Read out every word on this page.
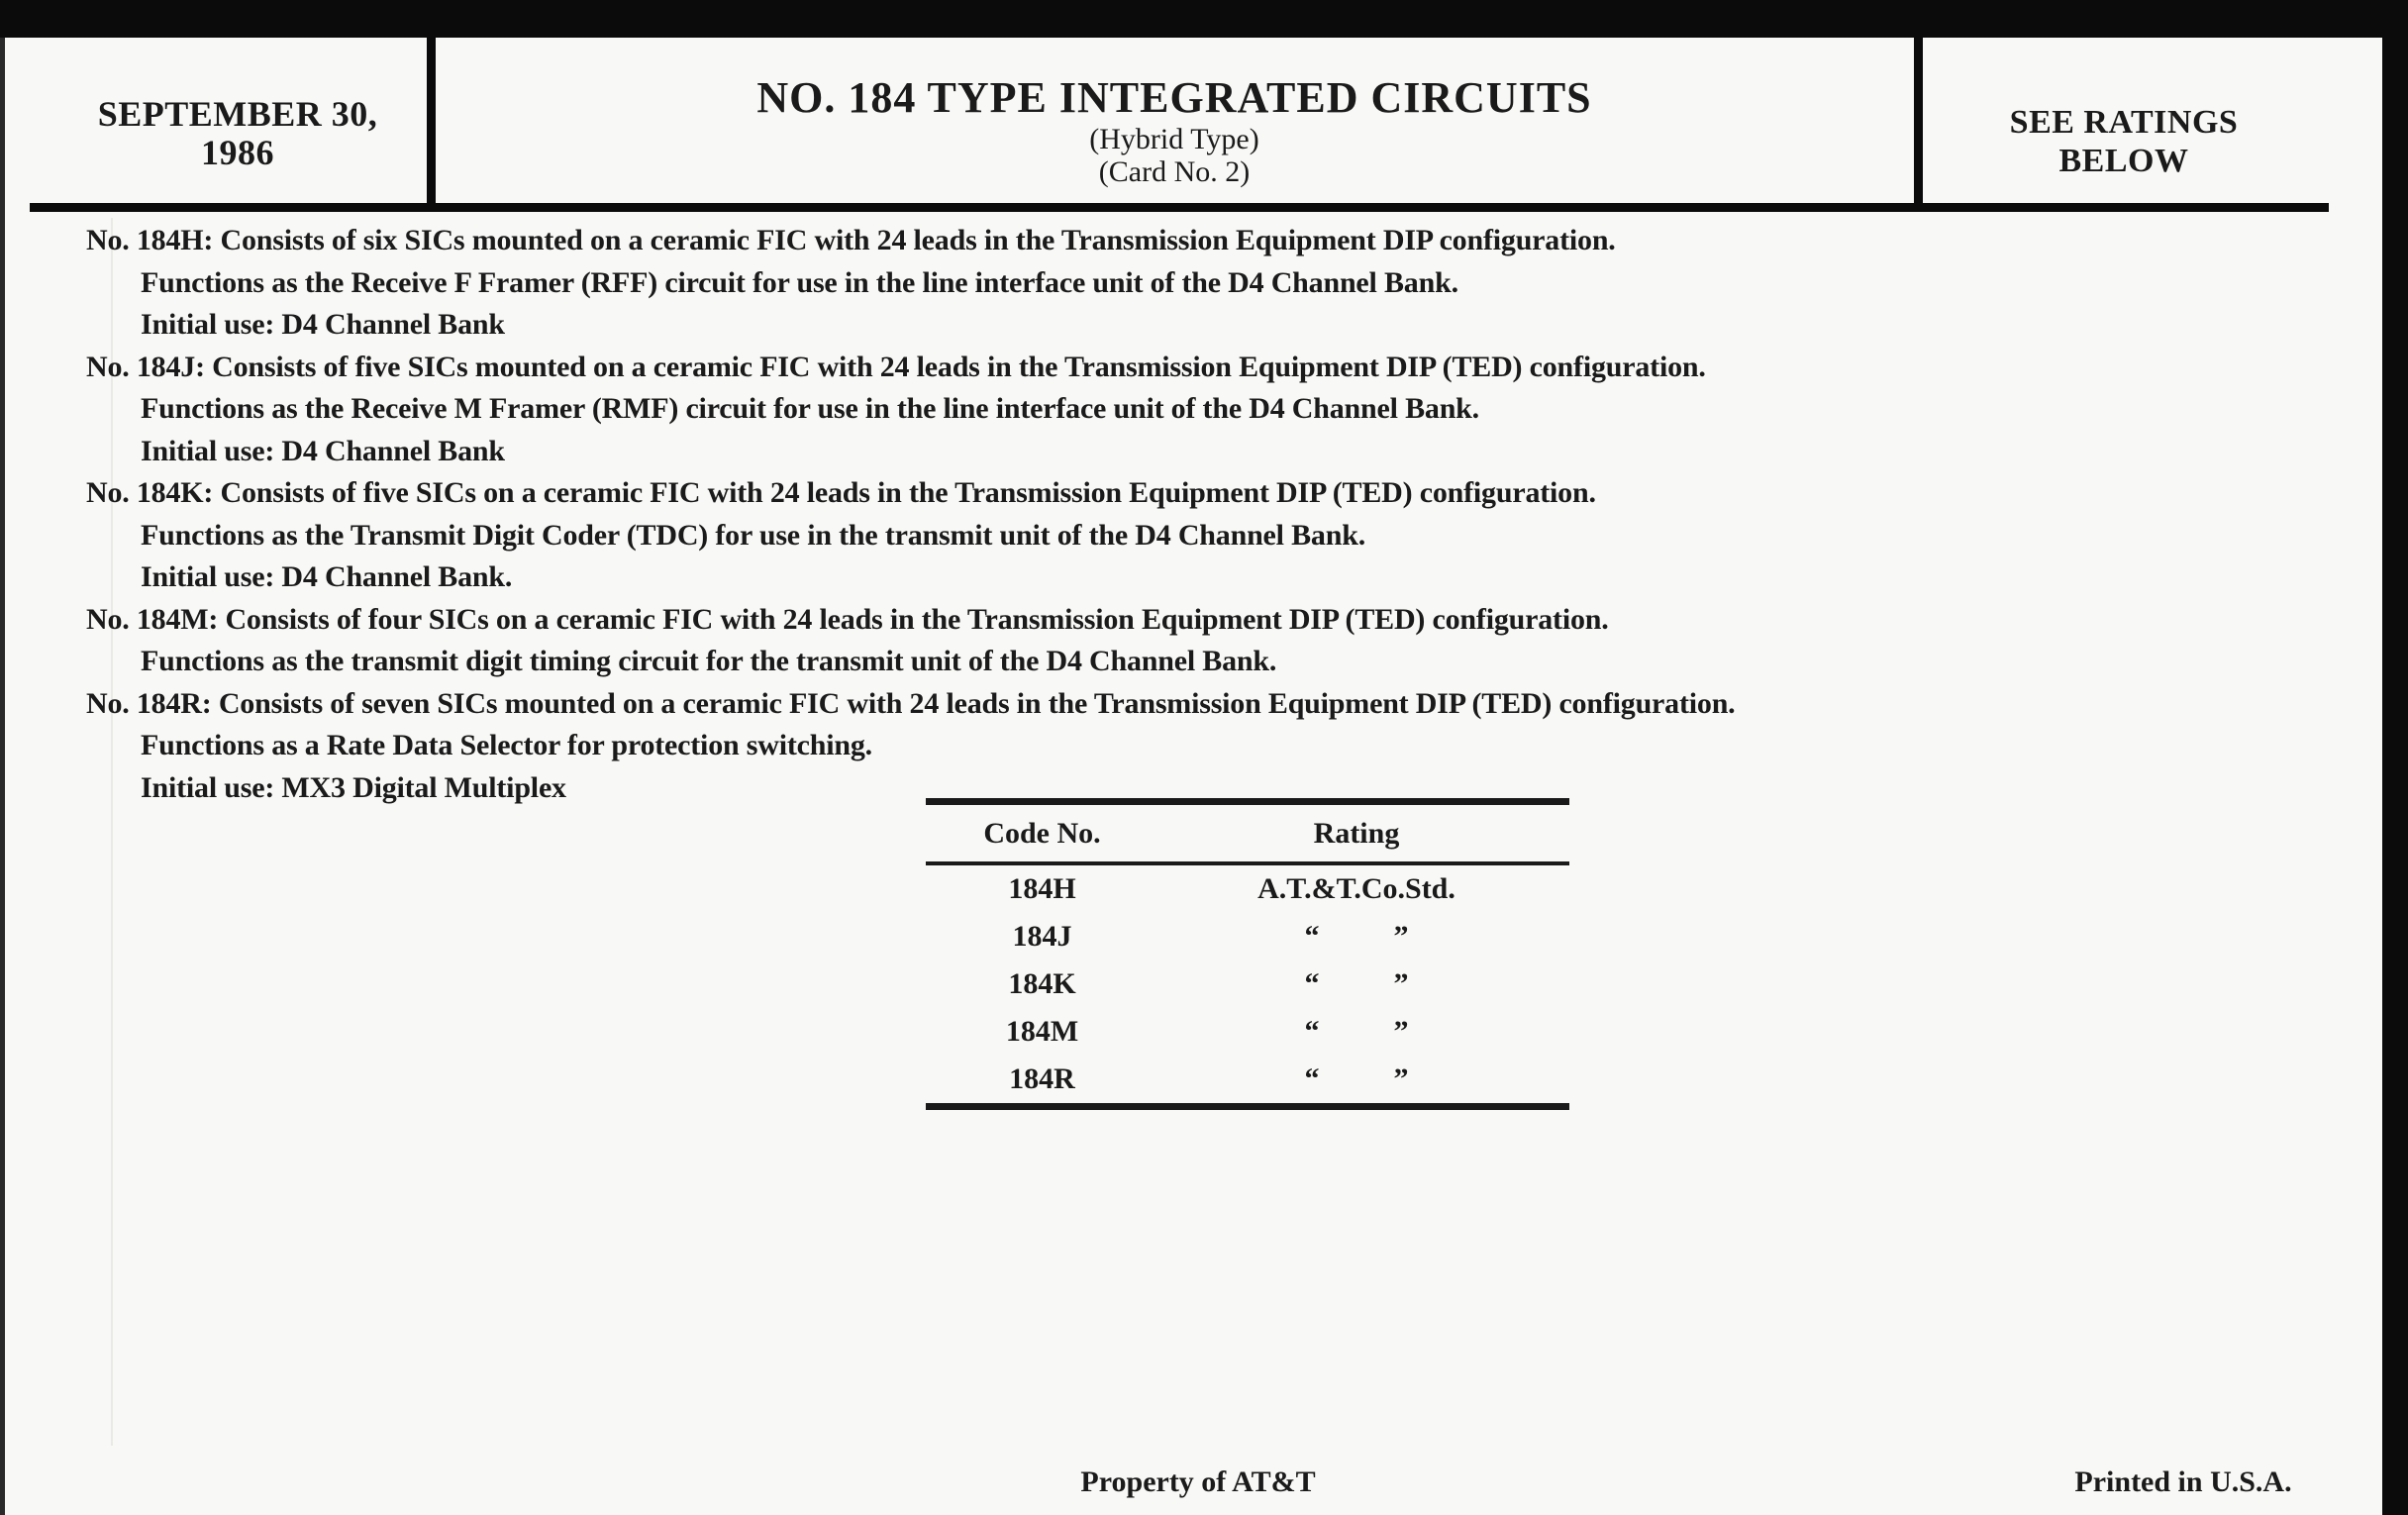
SEPTEMBER 30,
1986
NO. 184 TYPE INTEGRATED CIRCUITS
(Hybrid Type)
(Card No. 2)
SEE RATINGS
BELOW

No. 184H: Consists of six SICs mounted on a ceramic FIC with 24 leads in the Transmission Equipment DIP configuration.

Functions as the Receive F Framer (RFF) circuit for use in the line interface unit of the D4 Channel Bank.

Initial use: D4 Channel Bank

No. 184J: Consists of five SICs mounted on a ceramic FIC with 24 leads in the Transmission Equipment DIP (TED) configuration.

Functions as the Receive M Framer (RMF) circuit for use in the line interface unit of the D4 Channel Bank.

Initial use: D4 Channel Bank

No. 184K: Consists of five SICs on a ceramic FIC with 24 leads in the Transmission Equipment DIP (TED) configuration.

Functions as the Transmit Digit Coder (TDC) for use in the transmit unit of the D4 Channel Bank.

Initial use: D4 Channel Bank.

No. 184M: Consists of four SICs on a ceramic FIC with 24 leads in the Transmission Equipment DIP (TED) configuration.

Functions as the transmit digit timing circuit for the transmit unit of the D4 Channel Bank.

No. 184R: Consists of seven SICs mounted on a ceramic FIC with 24 leads in the Transmission Equipment DIP (TED) configuration.

Functions as a Rate Data Selector for protection switching.

Initial use: MX3 Digital Multiplex

Code No.	Rating
184H	A.T.&T.Co.Std.
184J	“          ”
184K	“          ”
184M	“          ”
184R	“          ”
Property of AT&T	Printed in U.S.A.
